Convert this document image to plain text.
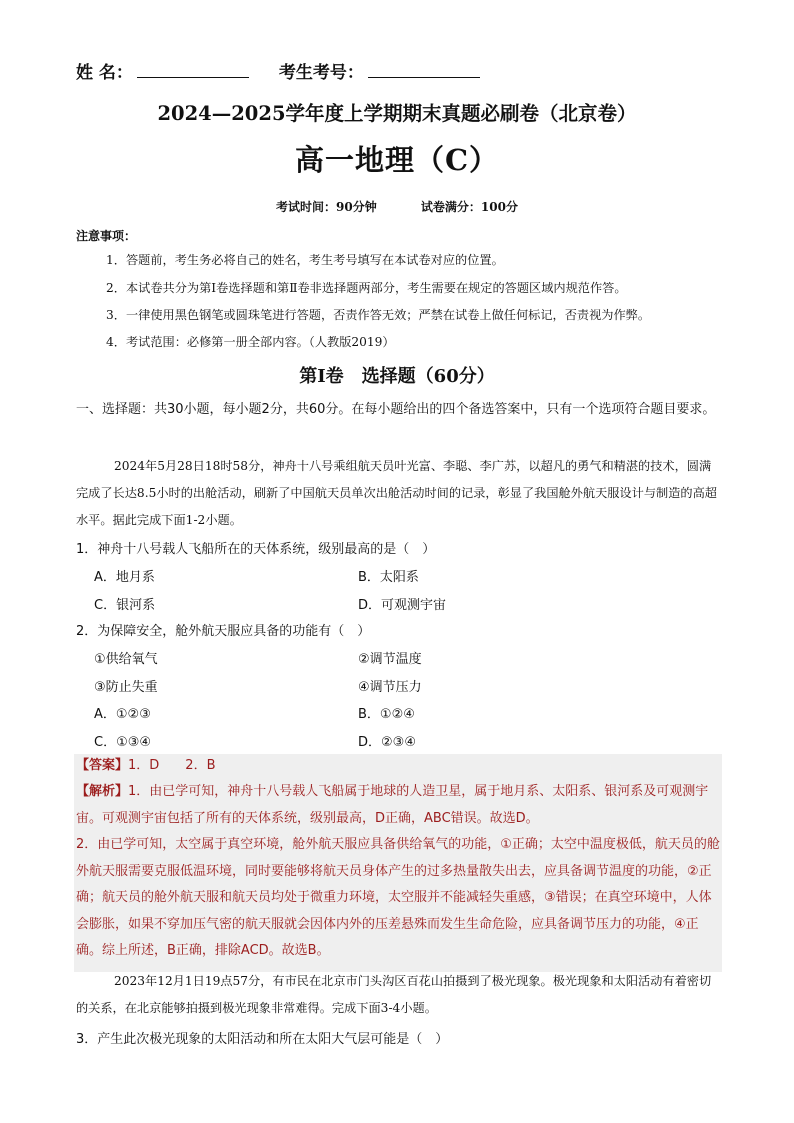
姓 名：	考生考号：
2024—2025学年度上学期期末真题必刷卷（北京卷）
高一地理（C）
考试时间：90分钟	试卷满分：100分
注意事项：
1．答题前，考生务必将自己的姓名，考生考号填写在本试卷对应的位置。
2．本试卷共分为第Ⅰ卷选择题和第Ⅱ卷非选择题两部分，考生需要在规定的答题区域内规范作答。
3．一律使用黑色钢笔或圆珠笔进行答题，否责作答无效；严禁在试卷上做任何标记，否责视为作弊。
4．考试范围：必修第一册全部内容。（人教版2019）
第Ⅰ卷　选择题（60分）
一、选择题：共30小题，每小题2分，共60分。在每小题给出的四个备选答案中，只有一个选项符合题目要求。
2024年5月28日18时58分，神舟十八号乘组航天员叶光富、李聪、李广苏，以超凡的勇气和精湛的技术，圆满完成了长达8.5小时的出舱活动，刷新了中国航天员单次出舱活动时间的记录，彰显了我国舱外航天服设计与制造的高超水平。据此完成下面1-2小题。
1．神舟十八号载人飞船所在的天体系统，级别最高的是（　）
A．地月系	B．太阳系
C．银河系	D．可观测宇宙
2．为保障安全，舱外航天服应具备的功能有（　）
①供给氧气	②调节温度
③防止失重	④调节压力
A．①②③	B．①②④
C．①③④	D．②③④
【答案】1．D　　2．B
【解析】1．由已学可知，神舟十八号载人飞船属于地球的人造卫星，属于地月系、太阳系、银河系及可观测宇宙。可观测宇宙包括了所有的天体系统，级别最高，D正确，ABC错误。故选D。
2．由已学可知，太空属于真空环境，舱外航天服应具备供给氧气的功能，①正确；太空中温度极低，航天员的舱外航天服需要克服低温环境，同时要能够将航天员身体产生的过多热量散失出去，应具备调节温度的功能，②正确；航天员的舱外航天服和航天员均处于微重力环境，太空服并不能减轻失重感，③错误；在真空环境中，人体会膨胀，如果不穿加压气密的航天服就会因体内外的压差悬殊而发生生命危险，应具备调节压力的功能，④正确。综上所述，B正确，排除ACD。故选B。
2023年12月1日19点57分，有市民在北京市门头沟区百花山拍摄到了极光现象。极光现象和太阳活动有着密切的关系，在北京能够拍摄到极光现象非常难得。完成下面3-4小题。
3．产生此次极光现象的太阳活动和所在太阳大气层可能是（　）
